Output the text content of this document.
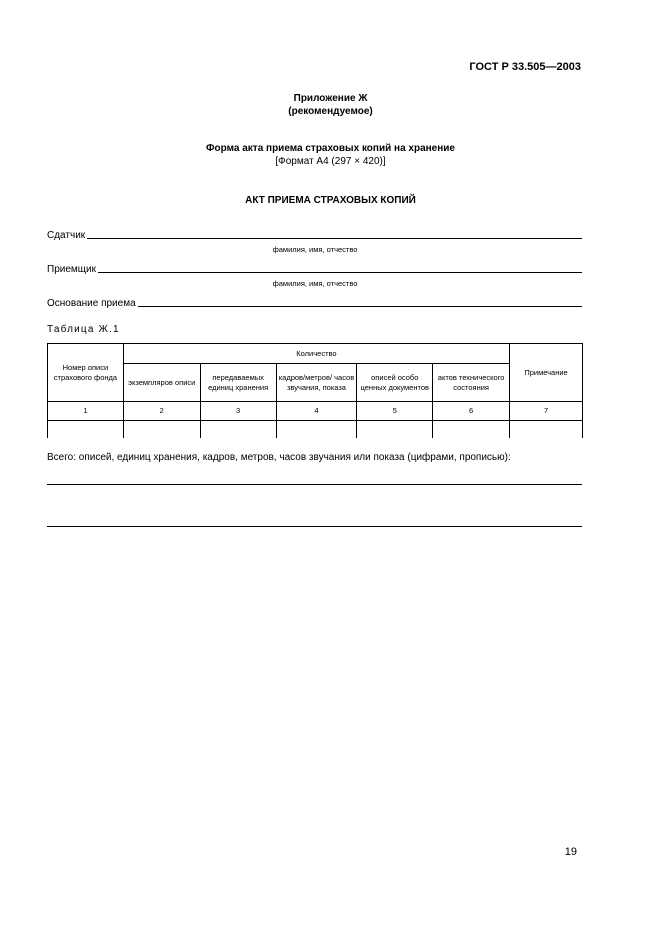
ГОСТ Р 33.505—2003
Приложение Ж
(рекомендуемое)
Форма акта приема страховых копий на хранение
[Формат А4 (297 × 420)]
АКТ ПРИЕМА СТРАХОВЫХ КОПИЙ
Сдатчик
фамилия, имя, отчество
Приемщик
фамилия, имя, отчество
Основание приема
Таблица Ж.1
Номер описи страхового фонда	Количество					Примечание
	экземпляров описи	передаваемых единиц хранения	кадров/метров/ часов звучания, показа	описей особо ценных документов	актов технического состояния	
1	2	3	4	5	6	7

Всего: описей, единиц хранения, кадров, метров, часов звучания или показа (цифрами, прописью):
19
